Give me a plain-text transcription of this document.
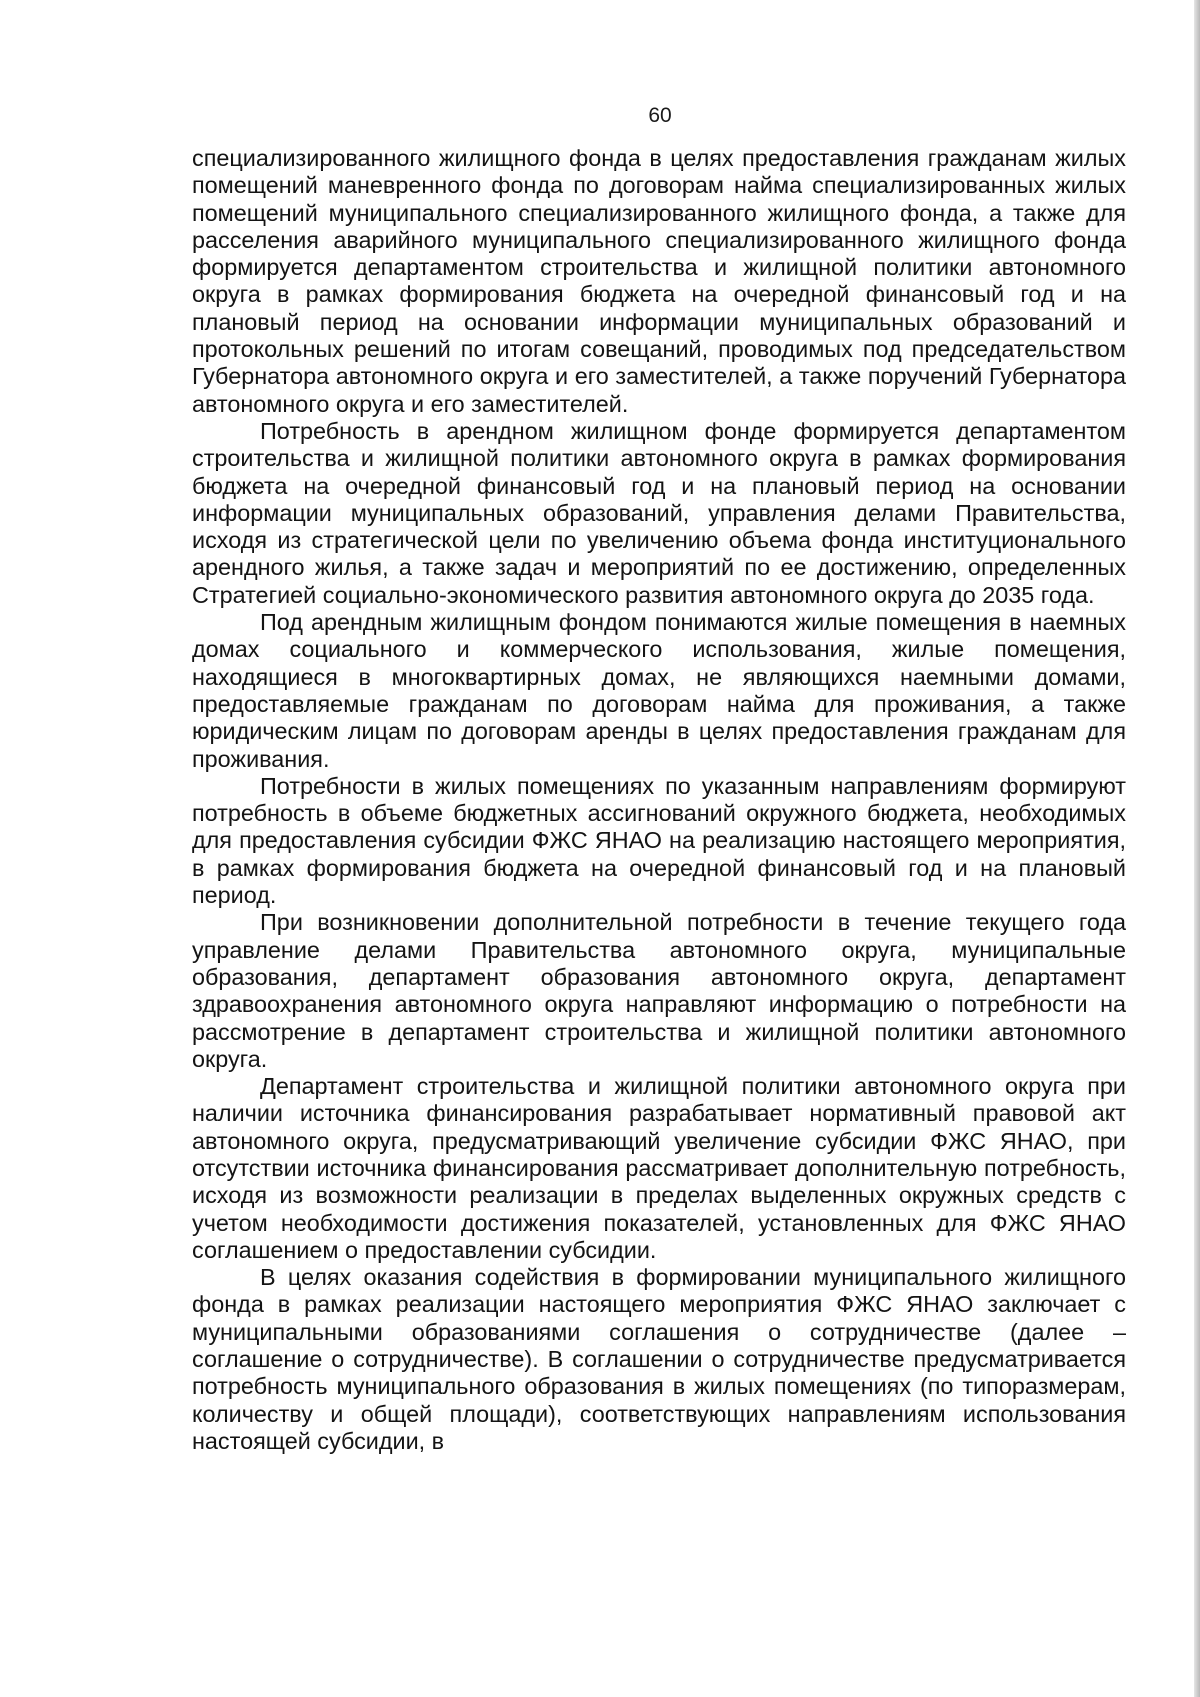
60

специализированного жилищного фонда в целях предоставления гражданам жилых помещений маневренного фонда по договорам найма специализированных жилых помещений муниципального специализированного жилищного фонда, а также для расселения аварийного муниципального специализированного жилищного фонда формируется департаментом строительства и жилищной политики автономного округа в рамках формирования бюджета на очередной финансовый год и на плановый период на основании информации муниципальных образований и протокольных решений по итогам совещаний, проводимых под председательством Губернатора автономного округа и его заместителей, а также поручений Губернатора автономного округа и его заместителей.

Потребность в арендном жилищном фонде формируется департаментом строительства и жилищной политики автономного округа в рамках формирования бюджета на очередной финансовый год и на плановый период на основании информации муниципальных образований, управления делами Правительства, исходя из стратегической цели по увеличению объема фонда институционального арендного жилья, а также задач и мероприятий по ее достижению, определенных Стратегией социально-экономического развития автономного округа до 2035 года.

Под арендным жилищным фондом понимаются жилые помещения в наемных домах социального и коммерческого использования, жилые помещения, находящиеся в многоквартирных домах, не являющихся наемными домами, предоставляемые гражданам по договорам найма для проживания, а также юридическим лицам по договорам аренды в целях предоставления гражданам для проживания.

Потребности в жилых помещениях по указанным направлениям формируют потребность в объеме бюджетных ассигнований окружного бюджета, необходимых для предоставления субсидии ФЖС ЯНАО на реализацию настоящего мероприятия, в рамках формирования бюджета на очередной финансовый год и на плановый период.

При возникновении дополнительной потребности в течение текущего года управление делами Правительства автономного округа, муниципальные образования, департамент образования автономного округа, департамент здравоохранения автономного округа направляют информацию о потребности на рассмотрение в департамент строительства и жилищной политики автономного округа.

Департамент строительства и жилищной политики автономного округа при наличии источника финансирования разрабатывает нормативный правовой акт автономного округа, предусматривающий увеличение субсидии ФЖС ЯНАО, при отсутствии источника финансирования рассматривает дополнительную потребность, исходя из возможности реализации в пределах выделенных окружных средств с учетом необходимости достижения показателей, установленных для ФЖС ЯНАО соглашением о предоставлении субсидии.

В целях оказания содействия в формировании муниципального жилищного фонда в рамках реализации настоящего мероприятия ФЖС ЯНАО заключает с муниципальными образованиями соглашения о сотрудничестве (далее – соглашение о сотрудничестве). В соглашении о сотрудничестве предусматривается потребность муниципального образования в жилых помещениях (по типоразмерам, количеству и общей площади), соответствующих направлениям использования настоящей субсидии, в
